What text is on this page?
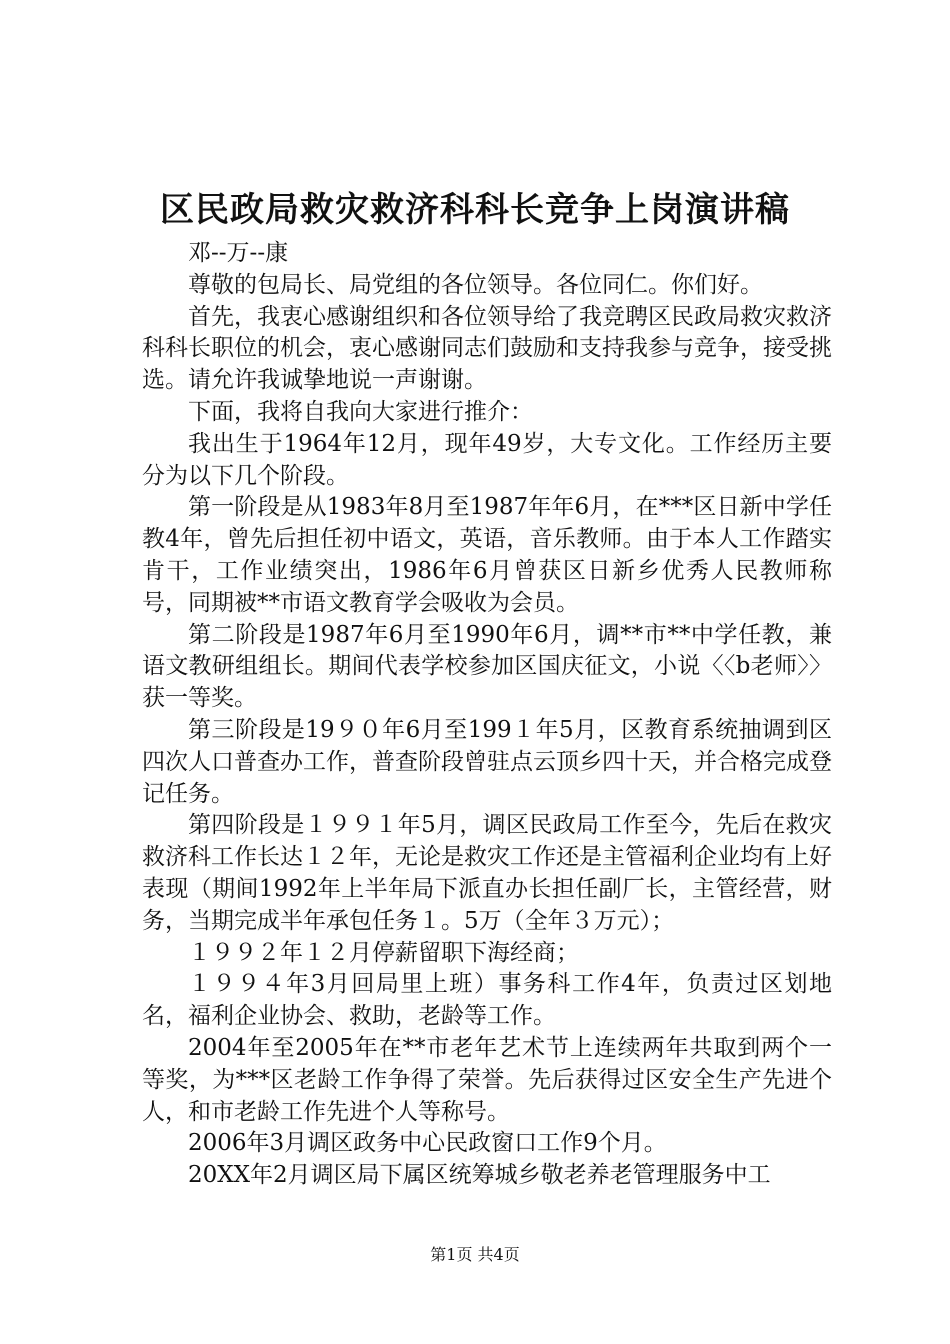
区民政局救灾救济科科长竞争上岗演讲稿

邓--万--康

尊敬的包局长、局党组的各位领导。各位同仁。你们好。

首先，我衷心感谢组织和各位领导给了我竞聘区民政局救灾救济科科长职位的机会，衷心感谢同志们鼓励和支持我参与竞争，接受挑选。请允许我诚挚地说一声谢谢。

下面，我将自我向大家进行推介：

我出生于1964年12月，现年49岁，大专文化。工作经历主要分为以下几个阶段。

第一阶段是从1983年8月至1987年年6月，在***区日新中学任教4年，曾先后担任初中语文，英语，音乐教师。由于本人工作踏实肯干，工作业绩突出，1986年6月曾获区日新乡优秀人民教师称号，同期被**市语文教育学会吸收为会员。

第二阶段是1987年6月至1990年6月，调**市**中学任教，兼语文教研组组长。期间代表学校参加区国庆征文，小说〈〈b老师〉〉获一等奖。

第三阶段是19９０年6月至199１年5月，区教育系统抽调到区四次人口普查办工作，普查阶段曾驻点云顶乡四十天，并合格完成登记任务。

第四阶段是１９９１年5月，调区民政局工作至今，先后在救灾救济科工作长达１２年，无论是救灾工作还是主管福利企业均有上好表现（期间1992年上半年局下派直办长担任副厂长，主管经营，财务，当期完成半年承包任务１。5万（全年３万元）；

１９９２年１２月停薪留职下海经商；

１９９４年3月回局里上班）事务科工作4年，负责过区划地名，福利企业协会、救助，老龄等工作。

2004年至2005年在**市老年艺术节上连续两年共取到两个一等奖，为***区老龄工作争得了荣誉。先后获得过区安全生产先进个人，和市老龄工作先进个人等称号。

2006年3月调区政务中心民政窗口工作9个月。

20XX年2月调区局下属区统筹城乡敬老养老管理服务中工

第1页 共4页
